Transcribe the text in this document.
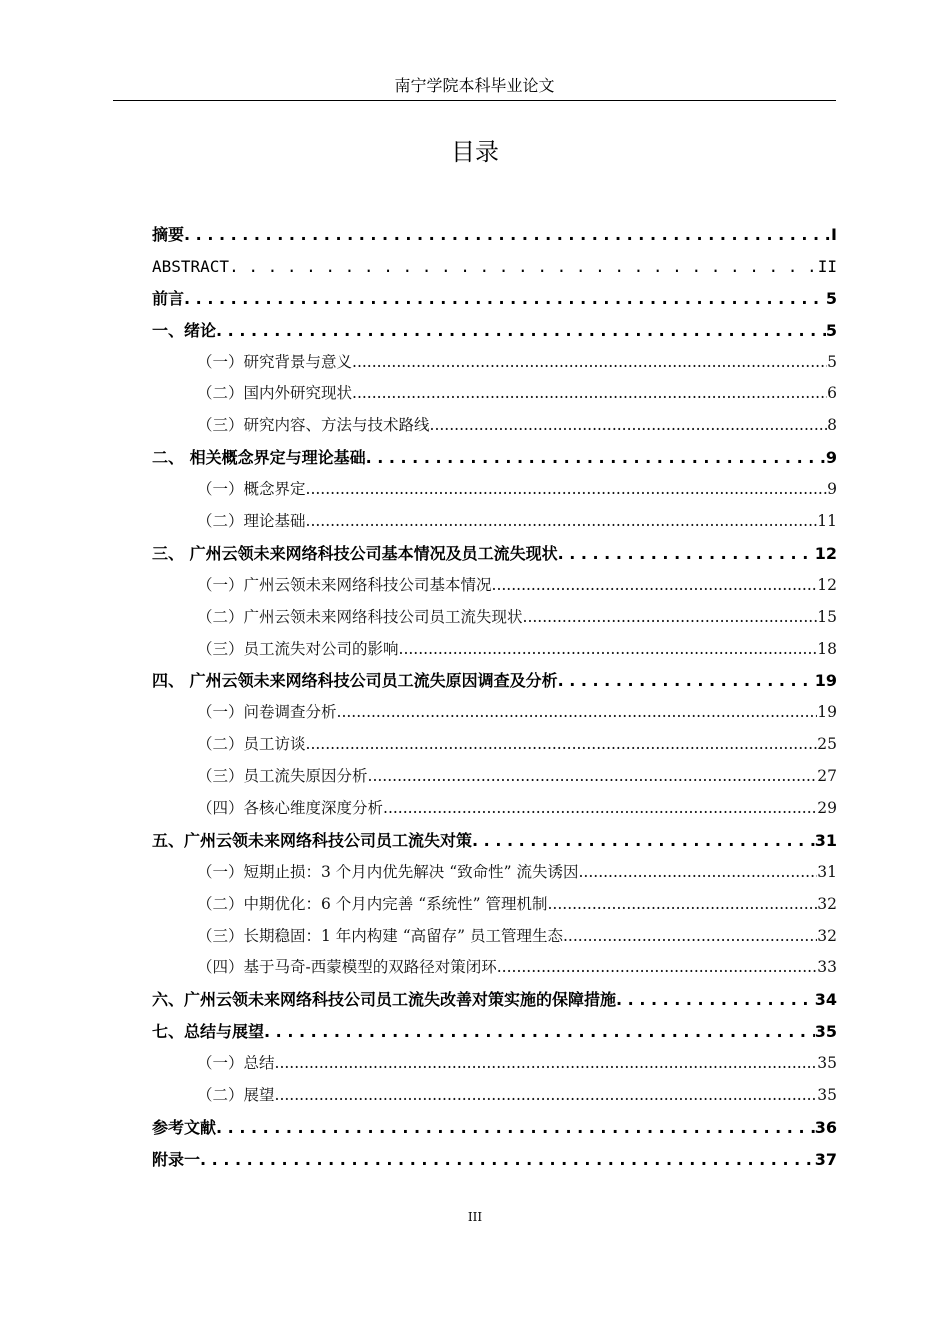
南宁学院本科毕业论文
目录
摘要 . . .	I
ABSTRACT . . .	II
前言 . . .	5
一、绪论 . . .	5
（一）研究背景与意义 .....	5
（二）国内外研究现状 .....	6
（三）研究内容、方法与技术路线 .....	8
二、 相关概念界定与理论基础 . . .	9
（一）概念界定 .....	9
（二）理论基础 .....	11
三、 广州云领未来网络科技公司基本情况及员工流失现状 . . .	12
（一）广州云领未来网络科技公司基本情况 .....	12
（二）广州云领未来网络科技公司员工流失现状 .....	15
（三）员工流失对公司的影响 .....	18
四、 广州云领未来网络科技公司员工流失原因调查及分析 . . .	19
（一）问卷调查分析 .....	19
（二）员工访谈 .....	25
（三）员工流失原因分析 .....	27
（四）各核心维度深度分析 .....	29
五、广州云领未来网络科技公司员工流失对策 . . .	31
（一）短期止损：3 个月内优先解决 “致命性” 流失诱因 .....	31
（二）中期优化：6 个月内完善 “系统性” 管理机制 .....	32
（三）长期稳固：1 年内构建 “高留存” 员工管理生态 .....	32
（四）基于马奇-西蒙模型的双路径对策闭环 .....	33
六、广州云领未来网络科技公司员工流失改善对策实施的保障措施 . . .	34
七、总结与展望 . . .	35
（一）总结 .....	35
（二）展望 .....	35
参考文献 . . .	36
附录一 . . .	37
III
